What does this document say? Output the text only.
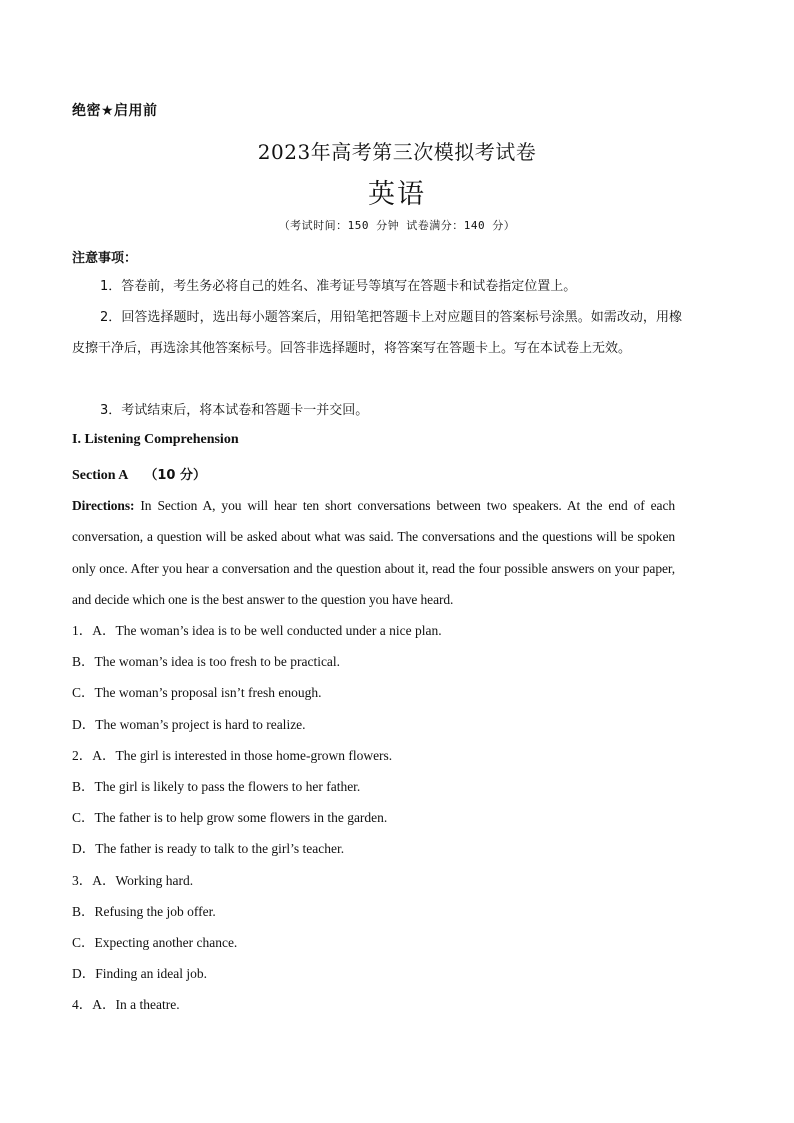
绝密★启用前
2023年高考第三次模拟考试卷
英语
（考试时间：150 分钟 试卷满分：140 分）
注意事项：
1．答卷前，考生务必将自己的姓名、准考证号等填写在答题卡和试卷指定位置上。
2．回答选择题时，选出每小题答案后，用铅笔把答题卡上对应题目的答案标号涂黑。如需改动，用橡皮擦干净后，再选涂其他答案标号。回答非选择题时，将答案写在答题卡上。写在本试卷上无效。
3．考试结束后，将本试卷和答题卡一并交回。
I. Listening Comprehension
Section A （10 分）
Directions: In Section A, you will hear ten short conversations between two speakers. At the end of each conversation, a question will be asked about what was said. The conversations and the questions will be spoken only once. After you hear a conversation and the question about it, read the four possible answers on your paper, and decide which one is the best answer to the question you have heard.
1．A．The woman’s idea is to be well conducted under a nice plan.
B．The woman’s idea is too fresh to be practical.
C．The woman’s proposal isn’t fresh enough.
D．The woman’s project is hard to realize.
2．A．The girl is interested in those home-grown flowers.
B．The girl is likely to pass the flowers to her father.
C．The father is to help grow some flowers in the garden.
D．The father is ready to talk to the girl’s teacher.
3．A．Working hard.
B．Refusing the job offer.
C．Expecting another chance.
D．Finding an ideal job.
4．A．In a theatre.
